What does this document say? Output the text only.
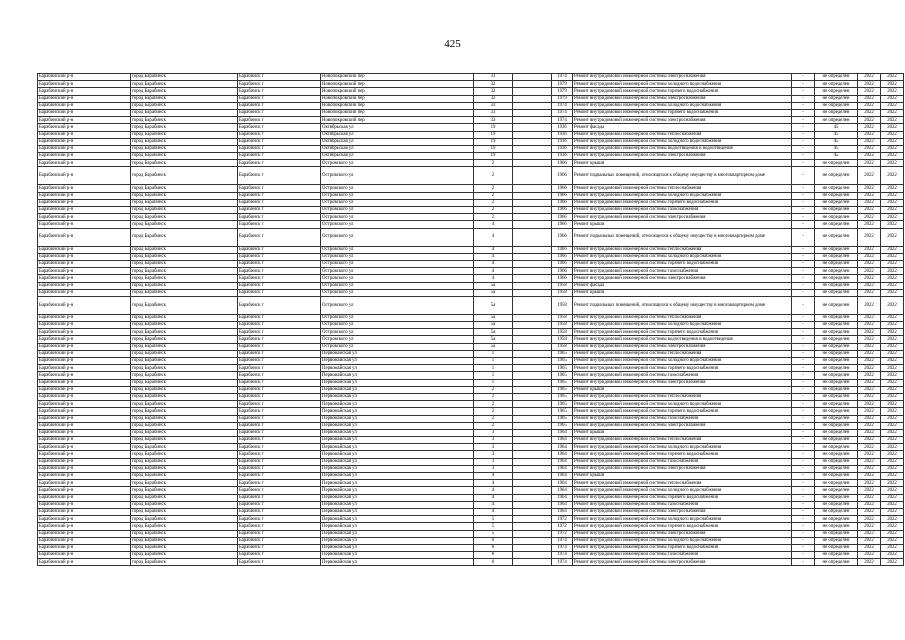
425
Барабинский р-н	город Барабинск	Барабинск г	Новопокровский пер	31		1974	Ремонт внутридомовой инженерной системы электроснабжения	-	не определен	2022	2022
Барабинский р-н	город Барабинск	Барабинск г	Новопокровский пер	32		1979	Ремонт внутридомовой инженерной системы холодного водоснабжения	-	не определен	2022	2022
Барабинский р-н	город Барабинск	Барабинск г	Новопокровский пер	32		1979	Ремонт внутридомовой инженерной системы горячего водоснабжения	-	не определен	2022	2022
Барабинский р-н	город Барабинск	Барабинск г	Новопокровский пер	32		1979	Ремонт внутридомовой инженерной системы электроснабжения	-	не определен	2022	2022
Барабинский р-н	город Барабинск	Барабинск г	Новопокровский пер	33		1974	Ремонт внутридомовой инженерной системы холодного водоснабжения	-	не определен	2022	2022
Барабинский р-н	город Барабинск	Барабинск г	Новопокровский пер	33		1974	Ремонт внутридомовой инженерной системы горячего водоснабжения	-	не определен	2022	2022
Барабинский р-н	город Барабинск	Барабинск г	Новопокровский пер	33		1974	Ремонт внутридомовой инженерной системы электроснабжения	-	не определен	2022	2022
Барабинский р-н	город Барабинск	Барабинск г	Октябрьская ул	19		1936	Ремонт фасада	-	45	2022	2022
Барабинский р-н	город Барабинск	Барабинск г	Октябрьская ул	19		1936	Ремонт внутридомовой инженерной системы теплоснабжения	-	45	2022	2022
Барабинский р-н	город Барабинск	Барабинск г	Октябрьская ул	19		1936	Ремонт внутридомовой инженерной системы холодного водоснабжения	-	45	2022	2022
Барабинский р-н	город Барабинск	Барабинск г	Октябрьская ул	19		1936	Ремонт внутридомовой инженерной системы водоотведения и водоотведения	-	45	2022	2022
Барабинский р-н	город Барабинск	Барабинск г	Октябрьская ул	19		1936	Ремонт внутридомовой инженерной системы электроснабжения	-	45	2022	2022
Барабинский р-н	город Барабинск	Барабинск г	Островского ул	2		1966	Ремонт крыши	-	не определен	2022	2022
Барабинский р-н	город Барабинск	Барабинск г	Островского ул	2		1966	Ремонт подвальных помещений, относящихся к общему имуществу в многоквартирном доме	-	не определен	2022	2022
Барабинский р-н	город Барабинск	Барабинск г	Островского ул	2		1966	Ремонт внутридомовой инженерной системы теплоснабжения	-	не определен	2022	2022
Барабинский р-н	город Барабинск	Барабинск г	Островского ул	2		1966	Ремонт внутридомовой инженерной системы холодного водоснабжения	-	не определен	2022	2022
Барабинский р-н	город Барабинск	Барабинск г	Островского ул	2		1966	Ремонт внутридомовой инженерной системы горячего водоснабжения	-	не определен	2022	2022
Барабинский р-н	город Барабинск	Барабинск г	Островского ул	2		1966	Ремонт внутридомовой инженерной системы газоснабжения	-	не определен	2022	2022
Барабинский р-н	город Барабинск	Барабинск г	Островского ул	2		1966	Ремонт внутридомовой инженерной системы электроснабжения	-	не определен	2022	2022
Барабинский р-н	город Барабинск	Барабинск г	Островского ул	4		1966	Ремонт крыши	-	не определен	2022	2022
Барабинский р-н	город Барабинск	Барабинск г	Островского ул	4		1966	Ремонт подвальных помещений, относящихся к общему имуществу в многоквартирном доме	-	не определен	2022	2022
Барабинский р-н	город Барабинск	Барабинск г	Островского ул	4		1966	Ремонт внутридомовой инженерной системы теплоснабжения	-	не определен	2022	2022
Барабинский р-н	город Барабинск	Барабинск г	Островского ул	4		1966	Ремонт внутридомовой инженерной системы холодного водоснабжения	-	не определен	2022	2022
Барабинский р-н	город Барабинск	Барабинск г	Островского ул	4		1966	Ремонт внутридомовой инженерной системы горячего водоснабжения	-	не определен	2022	2022
Барабинский р-н	город Барабинск	Барабинск г	Островского ул	4		1966	Ремонт внутридомовой инженерной системы газоснабжения	-	не определен	2022	2022
Барабинский р-н	город Барабинск	Барабинск г	Островского ул	4		1966	Ремонт внутридомовой инженерной системы электроснабжения	-	не определен	2022	2022
Барабинский р-н	город Барабинск	Барабинск г	Островского ул	5а		1958	Ремонт фасада	-	не определен	2022	2022
Барабинский р-н	город Барабинск	Барабинск г	Островского ул	5а		1958	Ремонт крыши	-	не определен	2022	2022
Барабинский р-н	город Барабинск	Барабинск г	Островского ул	5а		1958	Ремонт подвальных помещений, относящихся к общему имуществу в многоквартирном доме	-	не определен	2022	2022
Барабинский р-н	город Барабинск	Барабинск г	Островского ул	5а		1958	Ремонт внутридомовой инженерной системы теплоснабжения	-	не определен	2022	2022
Барабинский р-н	город Барабинск	Барабинск г	Островского ул	5а		1958	Ремонт внутридомовой инженерной системы холодного водоснабжения	-	не определен	2022	2022
Барабинский р-н	город Барабинск	Барабинск г	Островского ул	5а		1958	Ремонт внутридомовой инженерной системы горячего водоснабжения	-	не определен	2022	2022
Барабинский р-н	город Барабинск	Барабинск г	Островского ул	5а		1958	Ремонт внутридомовой инженерной системы водоотведения и водоотведения	-	не определен	2022	2022
Барабинский р-н	город Барабинск	Барабинск г	Островского ул	5а		1958	Ремонт внутридомовой инженерной системы электроснабжения	-	не определен	2022	2022
Барабинский р-н	город Барабинск	Барабинск г	Первомайская ул	1		1965	Ремонт внутридомовой инженерной системы теплоснабжения	-	не определен	2022	2022
Барабинский р-н	город Барабинск	Барабинск г	Первомайская ул	1		1965	Ремонт внутридомовой инженерной системы холодного водоснабжения	-	не определен	2022	2022
Барабинский р-н	город Барабинск	Барабинск г	Первомайская ул	1		1965	Ремонт внутридомовой инженерной системы горячего водоснабжения	-	не определен	2022	2022
Барабинский р-н	город Барабинск	Барабинск г	Первомайская ул	1		1965	Ремонт внутридомовой инженерной системы газоснабжения	-	не определен	2022	2022
Барабинский р-н	город Барабинск	Барабинск г	Первомайская ул	1		1965	Ремонт внутридомовой инженерной системы электроснабжения	-	не определен	2022	2022
Барабинский р-н	город Барабинск	Барабинск г	Первомайская ул	2		1965	Ремонт крыши	-	не определен	2022	2022
Барабинский р-н	город Барабинск	Барабинск г	Первомайская ул	2		1965	Ремонт внутридомовой инженерной системы теплоснабжения	-	не определен	2022	2022
Барабинский р-н	город Барабинск	Барабинск г	Первомайская ул	2		1965	Ремонт внутридомовой инженерной системы холодного водоснабжения	-	не определен	2022	2022
Барабинский р-н	город Барабинск	Барабинск г	Первомайская ул	2		1965	Ремонт внутридомовой инженерной системы горячего водоснабжения	-	не определен	2022	2022
Барабинский р-н	город Барабинск	Барабинск г	Первомайская ул	2		1965	Ремонт внутридомовой инженерной системы газоснабжения	-	не определен	2022	2022
Барабинский р-н	город Барабинск	Барабинск г	Первомайская ул	2		1965	Ремонт внутридомовой инженерной системы электроснабжения	-	не определен	2022	2022
Барабинский р-н	город Барабинск	Барабинск г	Первомайская ул	3		1964	Ремонт крыши	-	не определен	2022	2022
Барабинский р-н	город Барабинск	Барабинск г	Первомайская ул	3		1964	Ремонт внутридомовой инженерной системы теплоснабжения	-	не определен	2022	2022
Барабинский р-н	город Барабинск	Барабинск г	Первомайская ул	3		1964	Ремонт внутридомовой инженерной системы холодного водоснабжения	-	не определен	2022	2022
Барабинский р-н	город Барабинск	Барабинск г	Первомайская ул	3		1964	Ремонт внутридомовой инженерной системы горячего водоснабжения	-	не определен	2022	2022
Барабинский р-н	город Барабинск	Барабинск г	Первомайская ул	3		1964	Ремонт внутридомовой инженерной системы газоснабжения	-	не определен	2022	2022
Барабинский р-н	город Барабинск	Барабинск г	Первомайская ул	3		1964	Ремонт внутридомовой инженерной системы электроснабжения	-	не определен	2022	2022
Барабинский р-н	город Барабинск	Барабинск г	Первомайская ул	4		1964	Ремонт крыши	-	не определен	2022	2022
Барабинский р-н	город Барабинск	Барабинск г	Первомайская ул	4		1964	Ремонт внутридомовой инженерной системы теплоснабжения	-	не определен	2022	2022
Барабинский р-н	город Барабинск	Барабинск г	Первомайская ул	4		1964	Ремонт внутридомовой инженерной системы холодного водоснабжения	-	не определен	2022	2022
Барабинский р-н	город Барабинск	Барабинск г	Первомайская ул	4		1964	Ремонт внутридомовой инженерной системы горячего водоснабжения	-	не определен	2022	2022
Барабинский р-н	город Барабинск	Барабинск г	Первомайская ул	4		1964	Ремонт внутридомовой инженерной системы газоснабжения	-	не определен	2022	2022
Барабинский р-н	город Барабинск	Барабинск г	Первомайская ул	4		1964	Ремонт внутридомовой инженерной системы электроснабжения	-	не определен	2022	2022
Барабинский р-н	город Барабинск	Барабинск г	Первомайская ул	5		1972	Ремонт внутридомовой инженерной системы холодного водоснабжения	-	не определен	2022	2022
Барабинский р-н	город Барабинск	Барабинск г	Первомайская ул	5		1972	Ремонт внутридомовой инженерной системы горячего водоснабжения	-	не определен	2022	2022
Барабинский р-н	город Барабинск	Барабинск г	Первомайская ул	5		1972	Ремонт внутридомовой инженерной системы электроснабжения	-	не определен	2022	2022
Барабинский р-н	город Барабинск	Барабинск г	Первомайская ул	6		1974	Ремонт внутридомовой инженерной системы холодного водоснабжения	-	не определен	2022	2022
Барабинский р-н	город Барабинск	Барабинск г	Первомайская ул	6		1974	Ремонт внутридомовой инженерной системы горячего водоснабжения	-	не определен	2022	2022
Барабинский р-н	город Барабинск	Барабинск г	Первомайская ул	6		1974	Ремонт внутридомовой инженерной системы газоснабжения	-	не определен	2022	2022
Барабинский р-н	город Барабинск	Барабинск г	Первомайская ул	6		1974	Ремонт внутридомовой инженерной системы электроснабжения	-	не определен	2022	2022
